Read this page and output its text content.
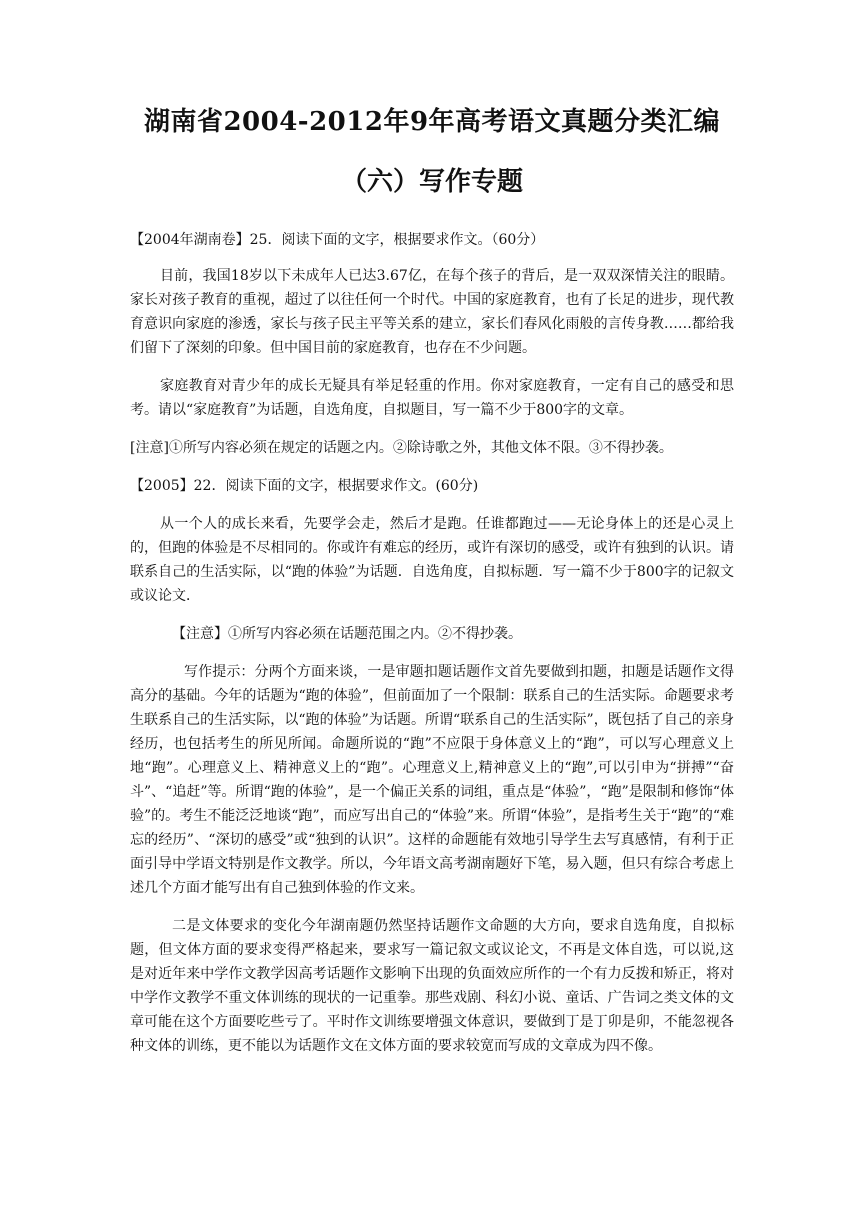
湖南省2004-2012年9年高考语文真题分类汇编
（六）写作专题

【2004年湖南卷】25．阅读下面的文字，根据要求作文。（60分）

目前，我国18岁以下未成年人已达3.67亿，在每个孩子的背后，是一双双深情关注的眼睛。家长对孩子教育的重视，超过了以往任何一个时代。中国的家庭教育，也有了长足的进步，现代教育意识向家庭的渗透，家长与孩子民主平等关系的建立，家长们春风化雨般的言传身教……都给我们留下了深刻的印象。但中国目前的家庭教育，也存在不少问题。

家庭教育对青少年的成长无疑具有举足轻重的作用。你对家庭教育，一定有自己的感受和思考。请以“家庭教育”为话题，自选角度，自拟题目，写一篇不少于800字的文章。

[注意]①所写内容必须在规定的话题之内。②除诗歌之外，其他文体不限。③不得抄袭。

【2005】22．阅读下面的文字，根据要求作文。(60分)

从一个人的成长来看，先要学会走，然后才是跑。任谁都跑过——无论身体上的还是心灵上的，但跑的体验是不尽相同的。你或许有难忘的经历，或许有深切的感受，或许有独到的认识。请联系自己的生活实际，以“跑的体验”为话题．自选角度，自拟标题．写一篇不少于800字的记叙文或议论文．

【注意】①所写内容必须在话题范围之内。②不得抄袭。

写作提示：分两个方面来谈，一是审题扣题话题作文首先要做到扣题，扣题是话题作文得高分的基础。今年的话题为“跑的体验”，但前面加了一个限制：联系自己的生活实际。命题要求考生联系自己的生活实际，以“跑的体验”为话题。所谓“联系自己的生活实际”，既包括了自己的亲身经历，也包括考生的所见所闻。命题所说的“跑”不应限于身体意义上的“跑”，可以写心理意义上地“跑”。心理意义上、精神意义上的“跑”。心理意义上,精神意义上的“跑”,可以引申为“拼搏”“奋斗”、“追赶”等。所谓“跑的体验”，是一个偏正关系的词组，重点是“体验”，“跑”是限制和修饰“体验”的。考生不能泛泛地谈“跑”，而应写出自己的“体验”来。所谓“体验”，是指考生关于“跑”的“难忘的经历”、“深切的感受”或“独到的认识”。这样的命题能有效地引导学生去写真感情，有利于正面引导中学语文特别是作文教学。所以，今年语文高考湖南题好下笔，易入题，但只有综合考虑上述几个方面才能写出有自己独到体验的作文来。

二是文体要求的变化今年湖南题仍然坚持话题作文命题的大方向，要求自选角度，自拟标题，但文体方面的要求变得严格起来，要求写一篇记叙文或议论文，不再是文体自选，可以说,这是对近年来中学作文教学因高考话题作文影响下出现的负面效应所作的一个有力反拨和矫正，将对中学作文教学不重文体训练的现状的一记重拳。那些戏剧、科幻小说、童话、广告词之类文体的文章可能在这个方面要吃些亏了。平时作文训练要增强文体意识，要做到丁是丁卯是卯，不能忽视各种文体的训练，更不能以为话题作文在文体方面的要求较宽而写成的文章成为四不像。
